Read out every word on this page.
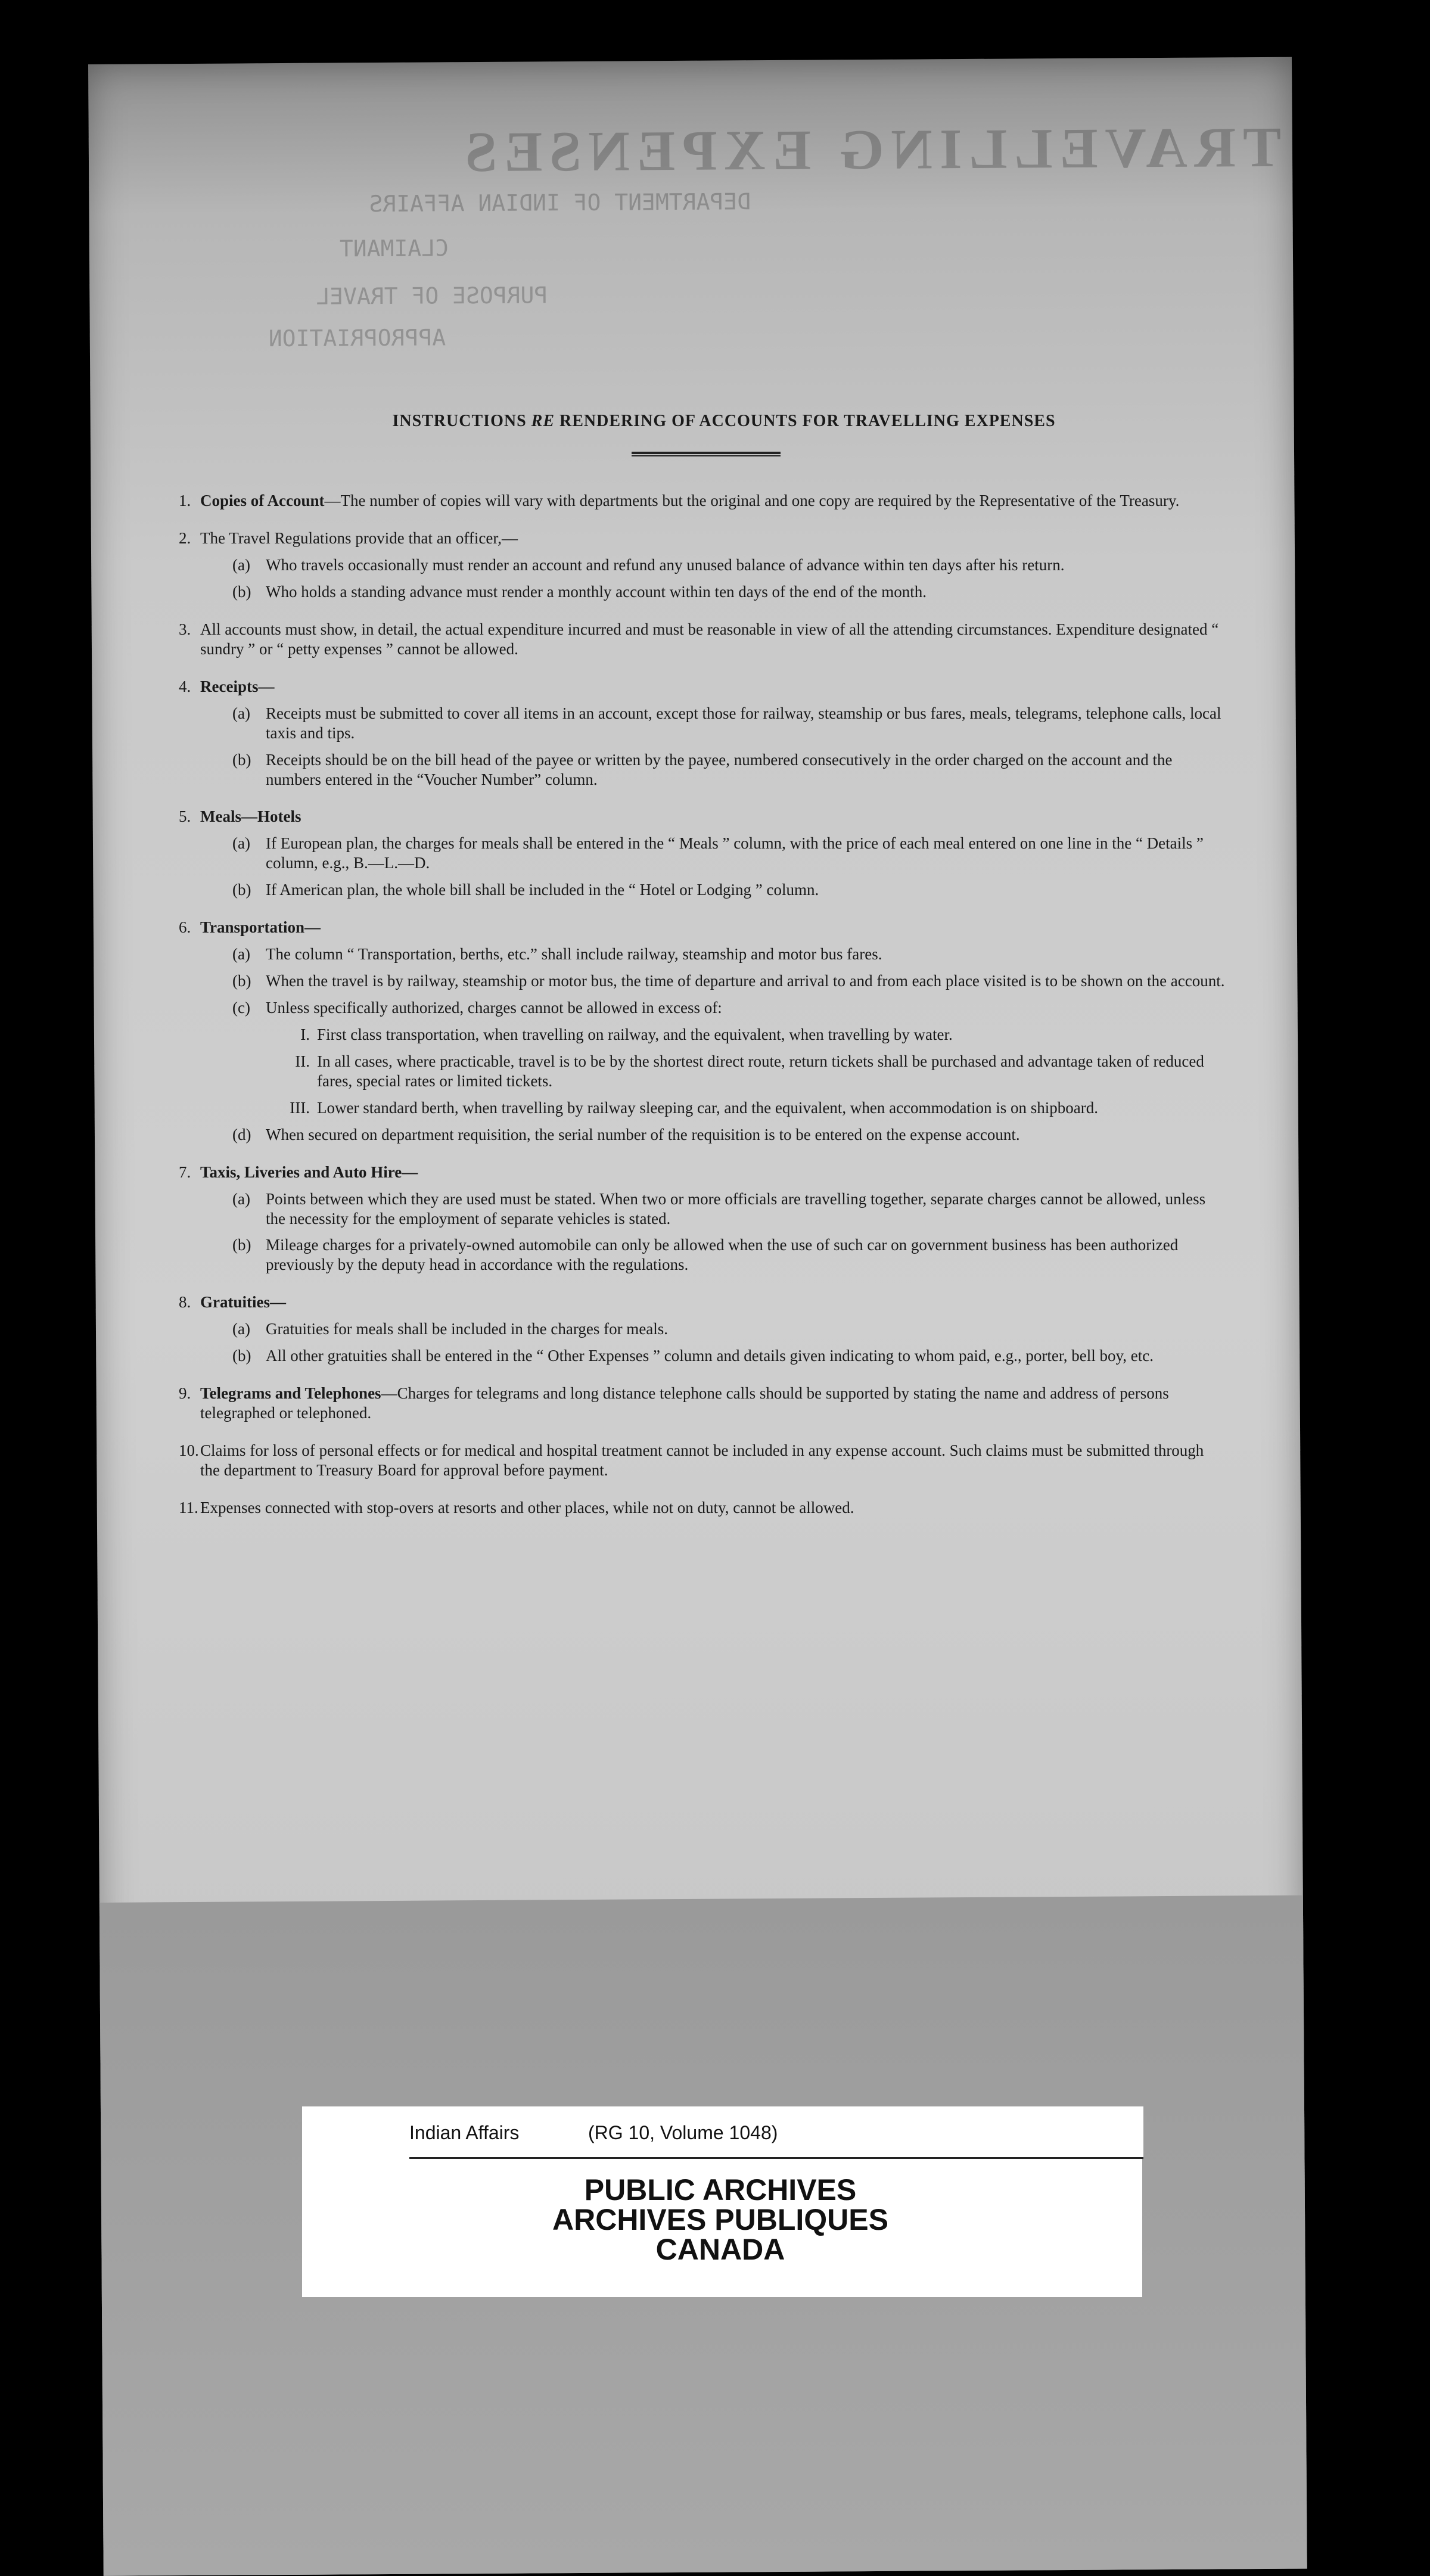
TRAVELLING EXPENSES
DEPARTMENT OF INDIAN AFFAIRS
CLAIMANT
PURPOSE OF TRAVEL
APPROPRIATION
INSTRUCTIONS RE RENDERING OF ACCOUNTS FOR TRAVELLING EXPENSES
1. Copies of Account—The number of copies will vary with departments but the original and one copy are required by the Representative of the Treasury.
2. The Travel Regulations provide that an officer,—
(a) Who travels occasionally must render an account and refund any unused balance of advance within ten days after his return.
(b) Who holds a standing advance must render a monthly account within ten days of the end of the month.
3. All accounts must show, in detail, the actual expenditure incurred and must be reasonable in view of all the attending circumstances. Expenditure designated “ sundry ” or “ petty expenses ” cannot be allowed.
4. Receipts—
(a) Receipts must be submitted to cover all items in an account, except those for railway, steamship or bus fares, meals, telegrams, telephone calls, local taxis and tips.
(b) Receipts should be on the bill head of the payee or written by the payee, numbered consecutively in the order charged on the account and the numbers entered in the “Voucher Number” column.
5. Meals—Hotels
(a) If European plan, the charges for meals shall be entered in the “ Meals ” column, with the price of each meal entered on one line in the “ Details ” column, e.g., B.—L.—D.
(b) If American plan, the whole bill shall be included in the “ Hotel or Lodging ” column.
6. Transportation—
(a) The column “ Transportation, berths, etc.” shall include railway, steamship and motor bus fares.
(b) When the travel is by railway, steamship or motor bus, the time of departure and arrival to and from each place visited is to be shown on the account.
(c) Unless specifically authorized, charges cannot be allowed in excess of:
I. First class transportation, when travelling on railway, and the equivalent, when travelling by water.
II. In all cases, where practicable, travel is to be by the shortest direct route, return tickets shall be purchased and advantage taken of reduced fares, special rates or limited tickets.
III. Lower standard berth, when travelling by railway sleeping car, and the equivalent, when accommodation is on shipboard.
(d) When secured on department requisition, the serial number of the requisition is to be entered on the expense account.
7. Taxis, Liveries and Auto Hire—
(a) Points between which they are used must be stated. When two or more officials are travelling together, separate charges cannot be allowed, unless the necessity for the employment of separate vehicles is stated.
(b) Mileage charges for a privately-owned automobile can only be allowed when the use of such car on government business has been authorized previously by the deputy head in accordance with the regulations.
8. Gratuities—
(a) Gratuities for meals shall be included in the charges for meals.
(b) All other gratuities shall be entered in the “ Other Expenses ” column and details given indicating to whom paid, e.g., porter, bell boy, etc.
9. Telegrams and Telephones—Charges for telegrams and long distance telephone calls should be supported by stating the name and address of persons telegraphed or telephoned.
10. Claims for loss of personal effects or for medical and hospital treatment cannot be included in any expense account. Such claims must be submitted through the department to Treasury Board for approval before payment.
11. Expenses connected with stop-overs at resorts and other places, while not on duty, cannot be allowed.
Indian Affairs	(RG 10, Volume 1048)
PUBLIC ARCHIVES
ARCHIVES PUBLIQUES
CANADA
